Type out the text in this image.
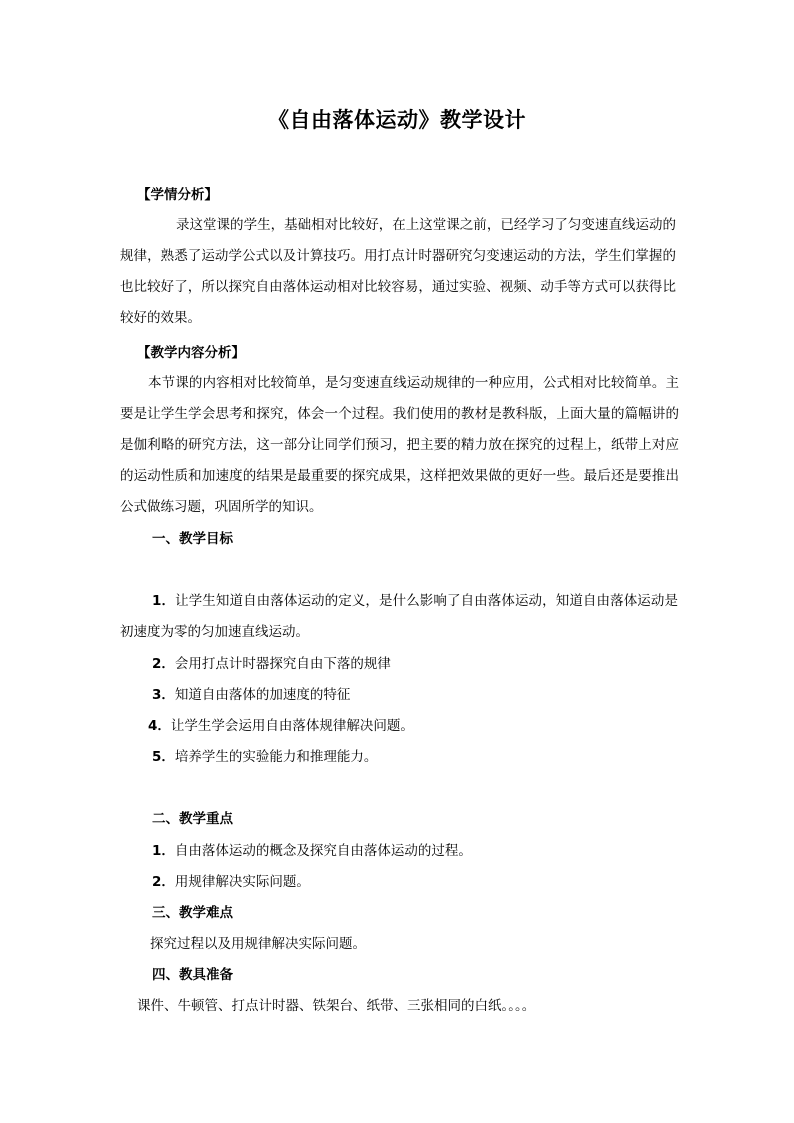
《自由落体运动》教学设计
【学情分析】
录这堂课的学生，基础相对比较好，在上这堂课之前，已经学习了匀变速直线运动的规律，熟悉了运动学公式以及计算技巧。用打点计时器研究匀变速运动的方法，学生们掌握的也比较好了，所以探究自由落体运动相对比较容易，通过实验、视频、动手等方式可以获得比较好的效果。
【教学内容分析】
本节课的内容相对比较简单，是匀变速直线运动规律的一种应用，公式相对比较简单。主要是让学生学会思考和探究，体会一个过程。我们使用的教材是教科版，上面大量的篇幅讲的是伽利略的研究方法，这一部分让同学们预习，把主要的精力放在探究的过程上，纸带上对应的运动性质和加速度的结果是最重要的探究成果，这样把效果做的更好一些。最后还是要推出公式做练习题，巩固所学的知识。
一、教学目标
1．让学生知道自由落体运动的定义，是什么影响了自由落体运动，知道自由落体运动是初速度为零的匀加速直线运动。
2．会用打点计时器探究自由下落的规律
3．知道自由落体的加速度的特征
4．让学生学会运用自由落体规律解决问题。
5．培养学生的实验能力和推理能力。
二、教学重点
1．自由落体运动的概念及探究自由落体运动的过程。
2．用规律解决实际问题。
三、教学难点
探究过程以及用规律解决实际问题。
四、教具准备
课件、牛顿管、打点计时器、铁架台、纸带、三张相同的白纸。。。。
